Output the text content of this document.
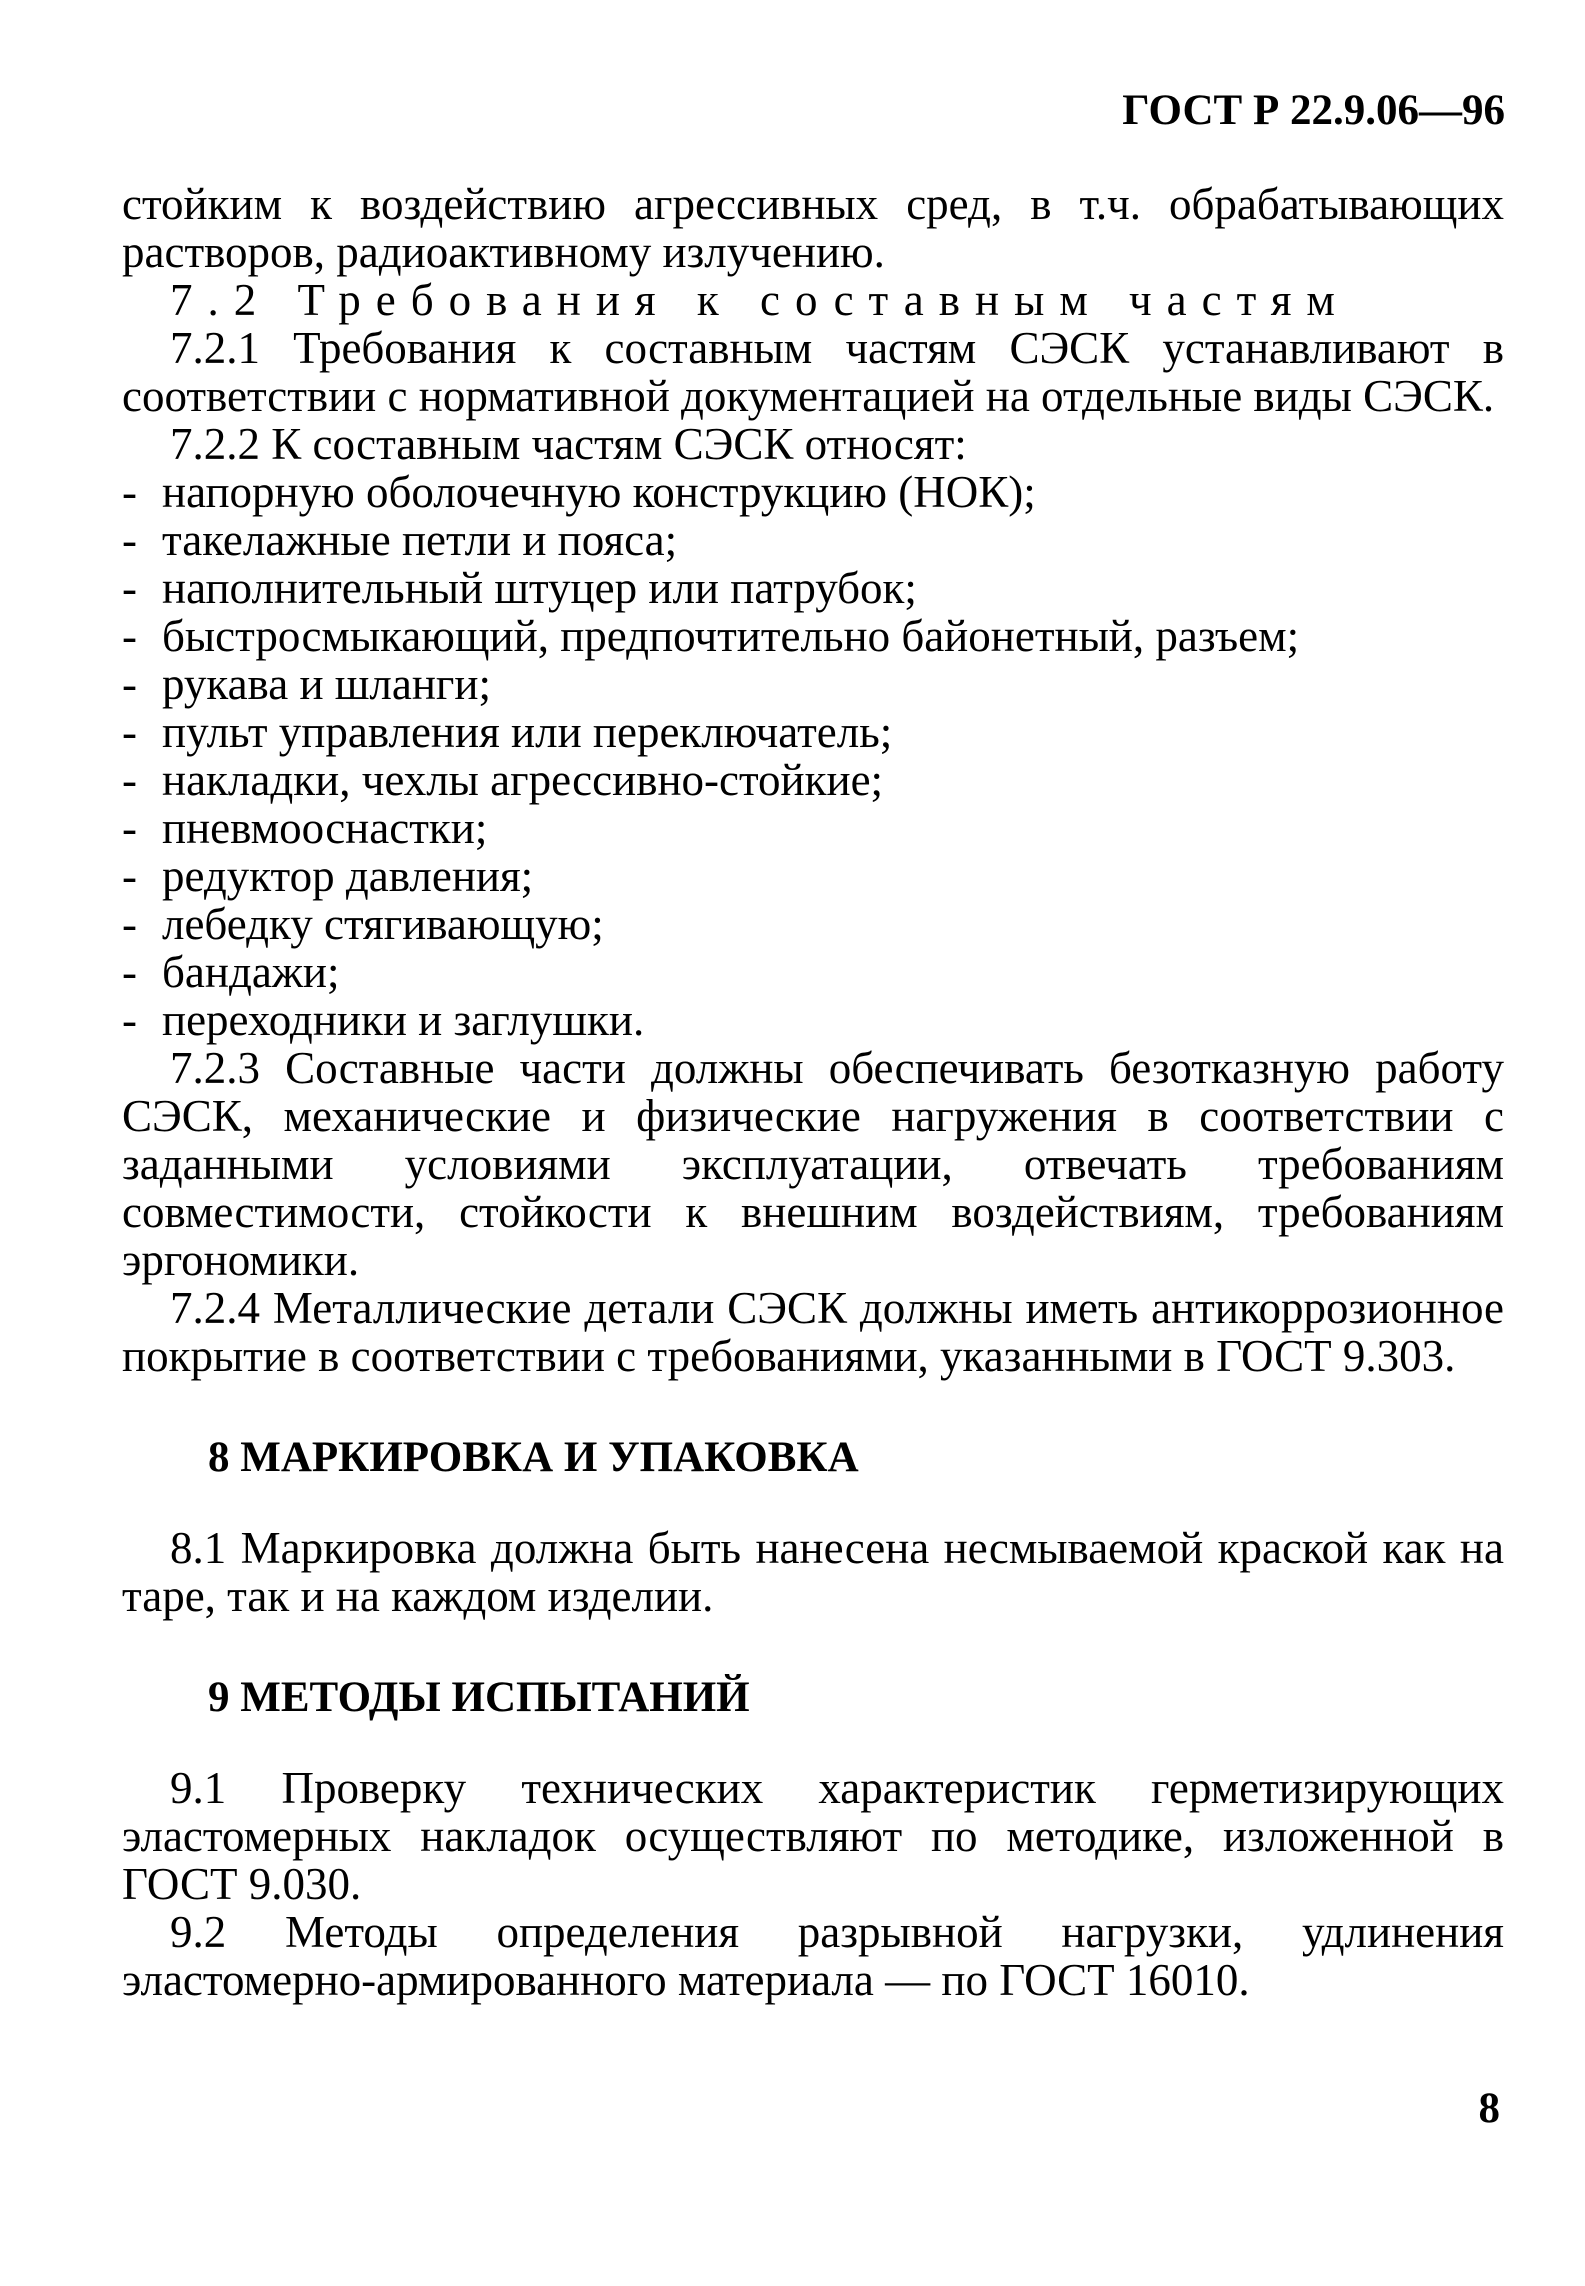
ГОСТ Р 22.9.06—96

стойким к воздействию агрессивных сред, в т.ч. обрабатывающих растворов, радиоактивному излучению.

7.2 Требования к составным частям

7.2.1 Требования к составным частям СЭСК устанавливают в соответствии с нормативной документацией на отдельные виды СЭСК.

7.2.2 К составным частям СЭСК относят:

- напорную оболочечную конструкцию (НОК);
- такелажные петли и пояса;
- наполнительный штуцер или патрубок;
- быстросмыкающий, предпочтительно байонетный, разъем;
- рукава и шланги;
- пульт управления или переключатель;
- накладки, чехлы агрессивно-стойкие;
- пневмооснастки;
- редуктор давления;
- лебедку стягивающую;
- бандажи;
- переходники и заглушки.

7.2.3 Составные части должны обеспечивать безотказную работу СЭСК, механические и физические нагружения в соответствии с заданными условиями эксплуатации, отвечать требованиям совместимости, стойкости к внешним воздействиям, требованиям эргономики.

7.2.4 Металлические детали СЭСК должны иметь антикоррозионное покрытие в соответствии с требованиями, указанными в ГОСТ 9.303.

8 МАРКИРОВКА И УПАКОВКА

8.1 Маркировка должна быть нанесена несмываемой краской как на таре, так и на каждом изделии.

9 МЕТОДЫ ИСПЫТАНИЙ

9.1 Проверку технических характеристик герметизирующих эластомерных накладок осуществляют по методике, изложенной в ГОСТ 9.030.

9.2 Методы определения разрывной нагрузки, удлинения эластомерно-армированного материала — по ГОСТ 16010.

8
